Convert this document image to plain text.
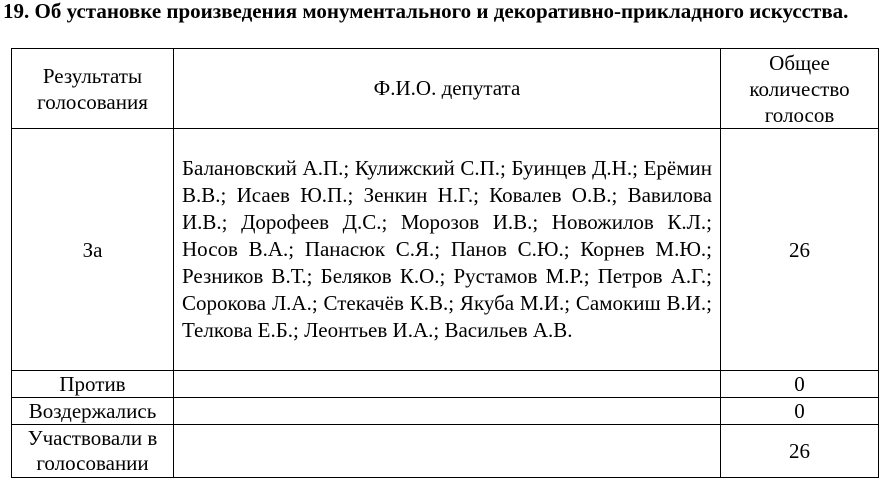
19. Об установке произведения монументального и декоративно-прикладного искусства.
Результаты голосования	Ф.И.О. депутата	Общее количество голосов
За	Балановский А.П.; Кулижский С.П.; Буинцев Д.Н.; Ерёмин В.В.; Исаев Ю.П.; Зенкин Н.Г.; Ковалев О.В.; Вавилова И.В.; Дорофеев Д.С.; Морозов И.В.; Новожилов К.Л.; Носов В.А.; Панасюк С.Я.; Панов С.Ю.; Корнев М.Ю.; Резников В.Т.; Беляков К.О.; Рустамов М.Р.; Петров А.Г.; Сорокова Л.А.; Стекачёв К.В.; Якуба М.И.; Самокиш В.И.; Телкова Е.Б.; Леонтьев И.А.; Васильев А.В.	26
Против		0
Воздержались		0
Участвовали в голосовании		26
